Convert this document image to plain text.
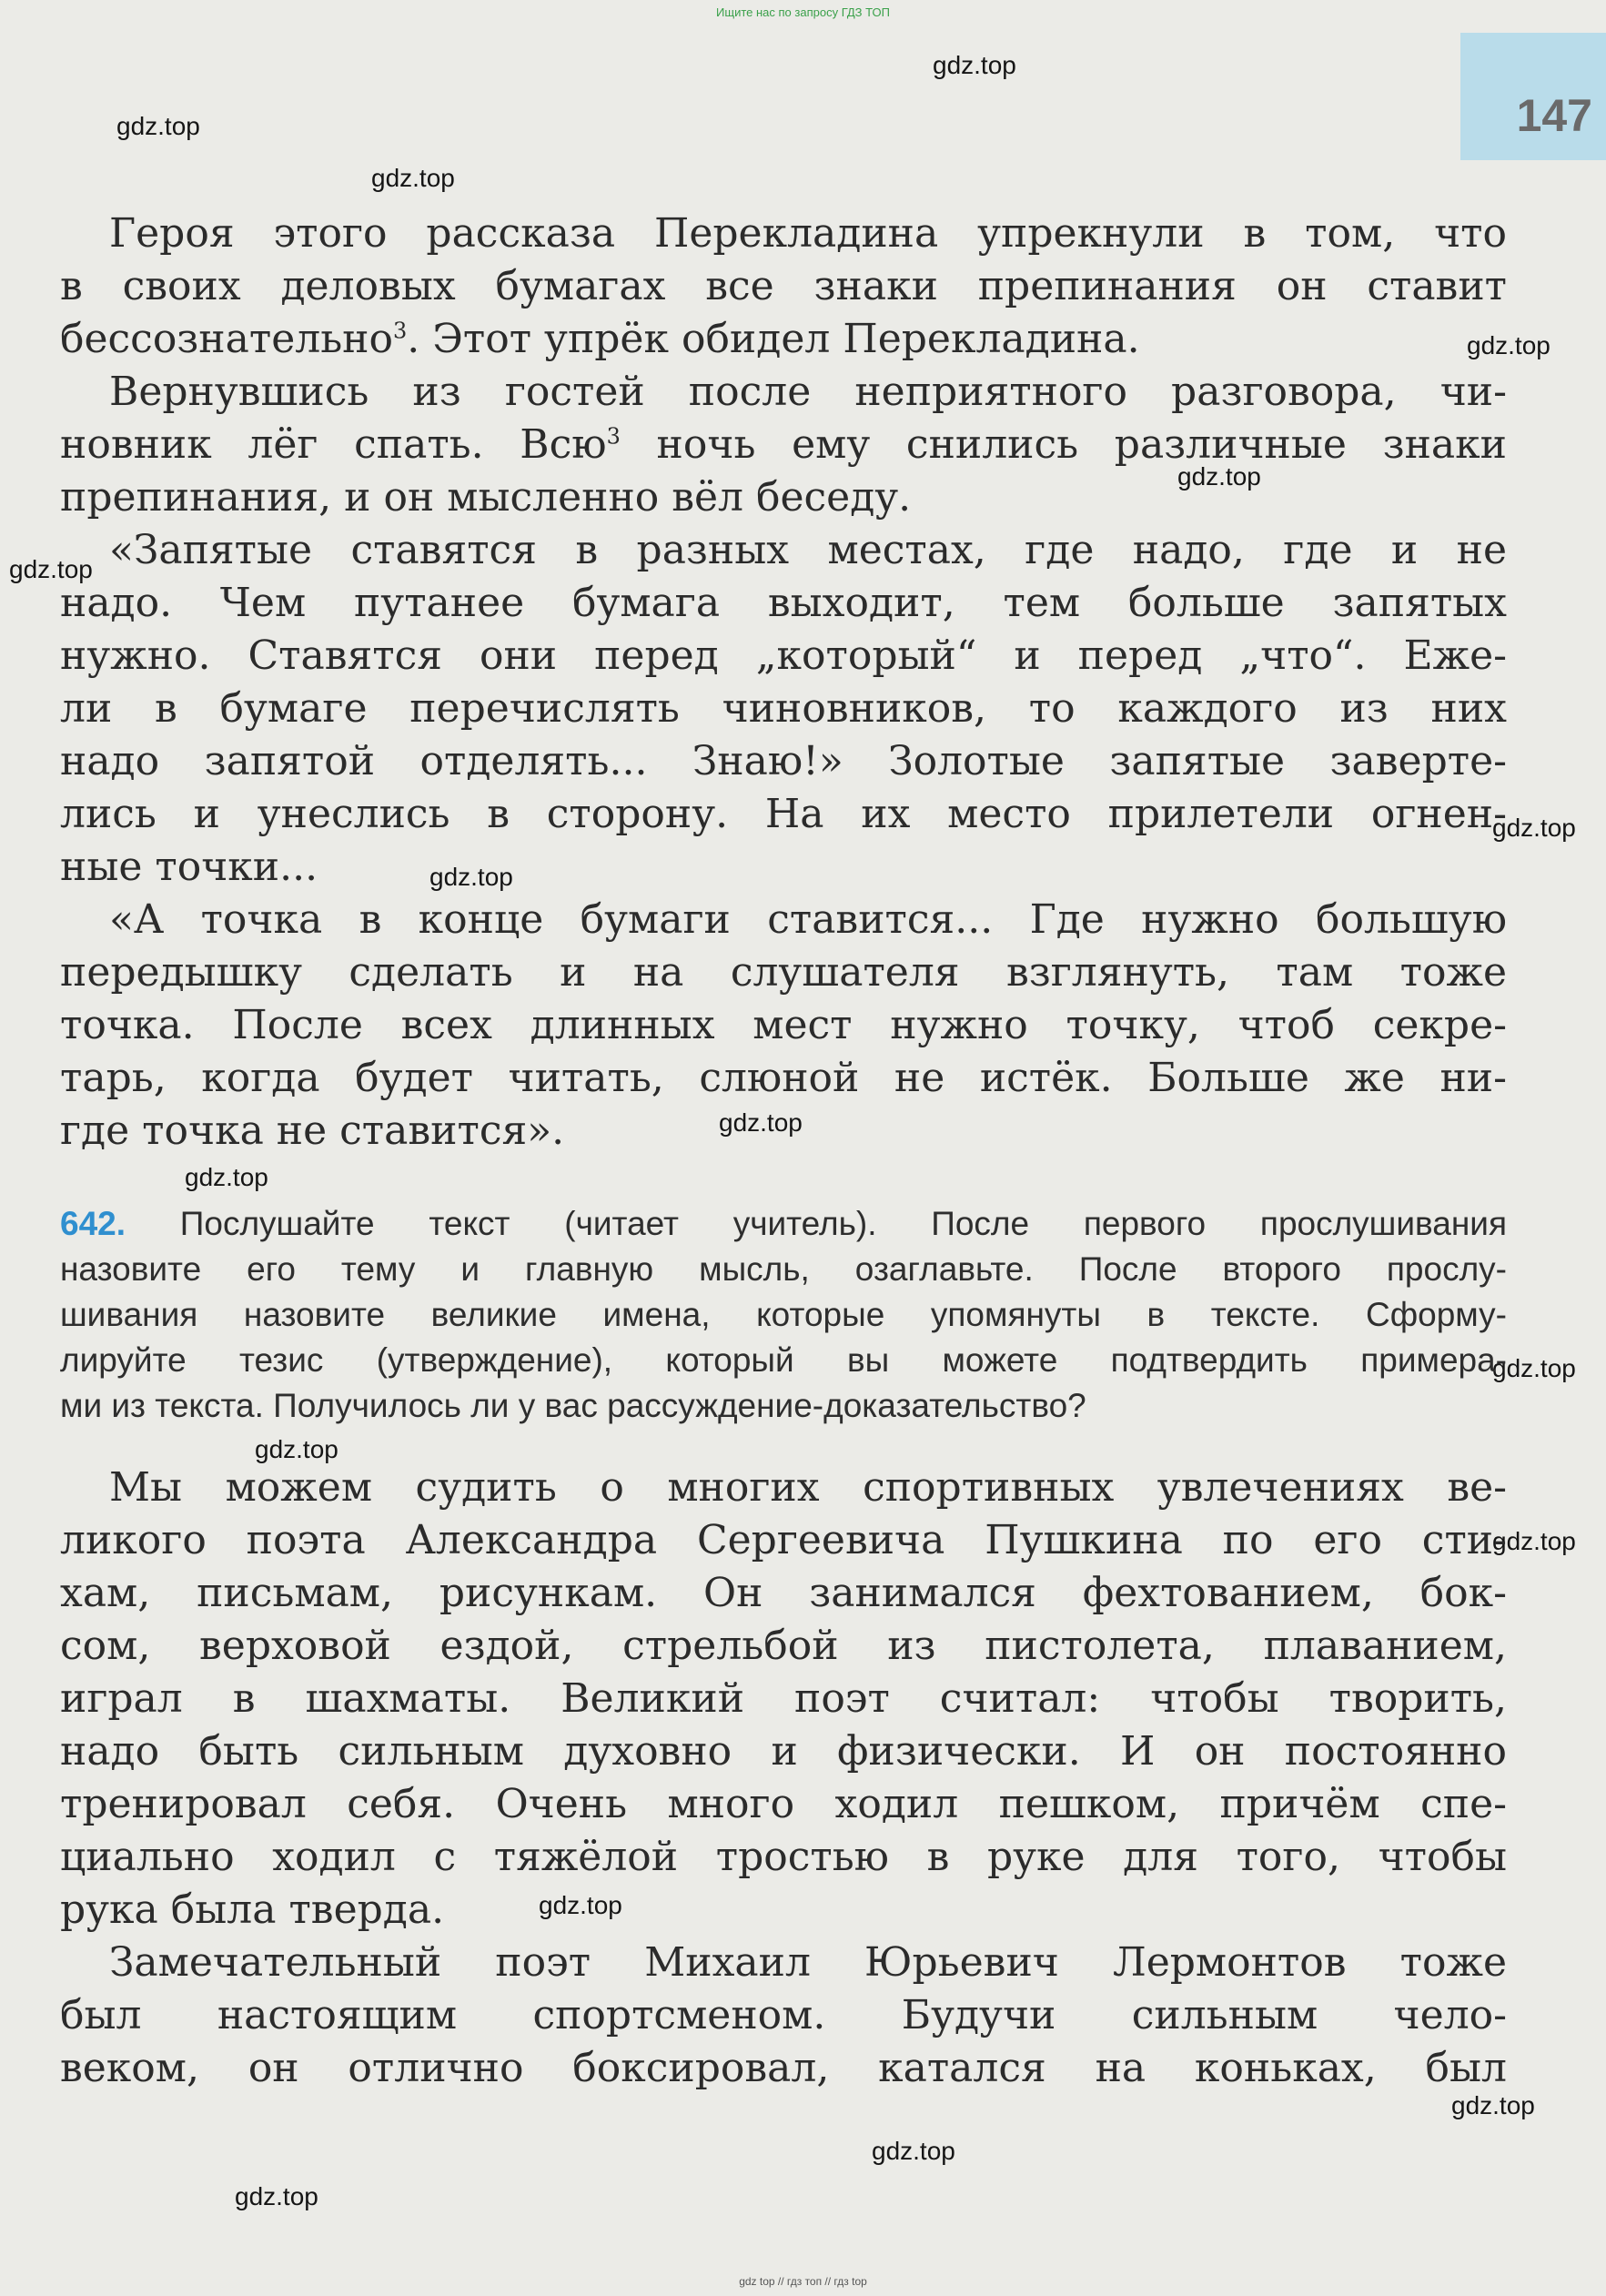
Ищите нас по запросу ГДЗ ТОП
147
gdz.top
gdz.top
gdz.top
gdz.top
gdz.top
gdz.top
gdz.top
gdz.top
gdz.top
gdz.top
gdz.top
gdz.top
gdz.top
gdz.top
gdz.top
gdz.top
gdz.top
Героя этого рассказа Перекладина упрекнули в том, что
в своих деловых бумагах все знаки препинания он ставит
бессознательно$^3$. Этот упрёк обидел Перекладина.
Вернувшись из гостей после неприятного разговора, чи-
новник лёг спать. Всю$^3$ ночь ему снились различные знаки
препинания, и он мысленно вёл беседу.
«Запятые ставятся в разных местах, где надо, где и не
надо. Чем путанее бумага выходит, тем больше запятых
нужно. Ставятся они перед „который“ и перед „что“. Еже-
ли в бумаге перечислять чиновников, то каждого из них
надо запятой отделять... Знаю!» Золотые запятые заверте-
лись и унеслись в сторону. На их место прилетели огнен-
ные точки...
«А точка в конце бумаги ставится... Где нужно большую
передышку сделать и на слушателя взглянуть, там тоже
точка. После всех длинных мест нужно точку, чтоб секре-
тарь, когда будет читать, слюной не истёк. Больше же ни-
где точка не ставится».
642. Послушайте текст (читает учитель). После первого прослушивания
назовите его тему и главную мысль, озаглавьте. После второго прослу-
шивания назовите великие имена, которые упомянуты в тексте. Сформу-
лируйте тезис (утверждение), который вы можете подтвердить примера-
ми из текста. Получилось ли у вас рассуждение-доказательство?
Мы можем судить о многих спортивных увлечениях ве-
ликого поэта Александра Сергеевича Пушкина по его сти-
хам, письмам, рисункам. Он занимался фехтованием, бок-
сом, верховой ездой, стрельбой из пистолета, плаванием,
играл в шахматы. Великий поэт считал: чтобы творить,
надо быть сильным духовно и физически. И он постоянно
тренировал себя. Очень много ходил пешком, причём спе-
циально ходил с тяжёлой тростью в руке для того, чтобы
рука была тверда.
Замечательный поэт Михаил Юрьевич Лермонтов тоже
был настоящим спортсменом. Будучи сильным чело-
веком, он отлично боксировал, катался на коньках, был
gdz top // гдз топ // гдз top
